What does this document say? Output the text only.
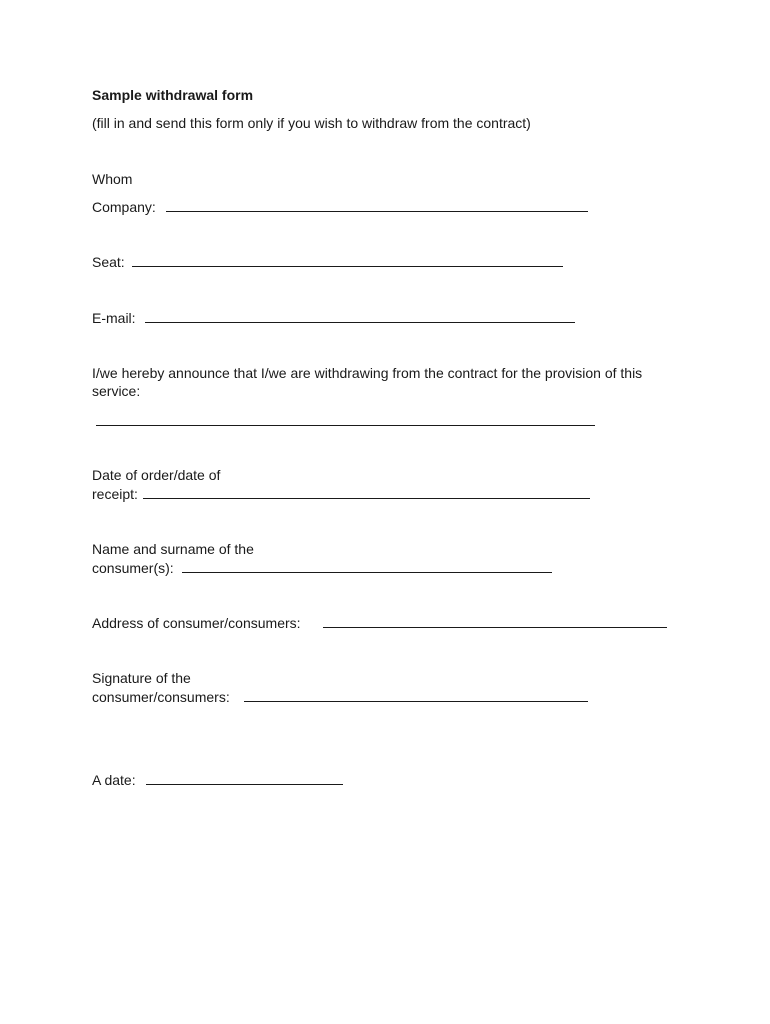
Sample withdrawal form
(fill in and send this form only if you wish to withdraw from the contract)
Whom
Company:
Seat:
E-mail:
I/we hereby announce that I/we are withdrawing from the contract for the provision of this service:
Date of order/date of
receipt:
Name and surname of the
consumer(s):
Address of consumer/consumers:
Signature of the
consumer/consumers:
A date:
